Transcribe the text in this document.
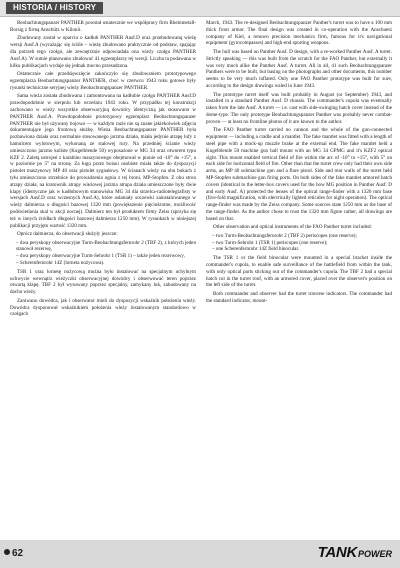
HISTORIA / HISTORY

Beobachtungspanzer PANTHER powstał ostatecznie we współpracy firm Rheinmetall-Borsig z firmą Anschütz w Kilonii.

Zbudowany został w oparciu o kadłub PANTHER Ausf.D oraz przebudowaną wieżę wersji Ausf.A (wyrażając się ściśle – wieżę zbudowano praktycznie od podstaw, spajając dla potrzeb tego czołgu, ale zewnętrznie odpowiadała ona wieży czołgu PANTHER Ausf.A). W sumie planowano zbudować 41 egzemplarzy tej wersji. Liczba ta podawana w kilku publikacjach wydaje się jednak mocno przesadzona.

Ostatecznie całe przedsięwzięcie zakończyło się zbudowaniem prototypowego egzemplarza Beobachtungspanzer PANTHER, choć w czerwcu 1943 roku gotowe były rysunki techniczne seryjnej wieży Beobachtungspanzer PANTHER.

Sama wieża została zbudowana i zamontowana na kadłubie czołgu PANTHER Ausf.D prawdopodobnie w sierpniu lub wrześniu 1943 roku. W przypadku tej konstrukcji zachowano w wieży wszystkie obserwacyjną dowódcy identyczną jak stosowano w PANTHER Ausf.A. Prawdopodobnie prototypowy egzemplarz Beobachtungspanzer PANTHER nie był używany bojowo — w każdym razie nie są znane jakiekolwiek zdjęcia dokumentujące jego frontową służbę. Wieża Beobachtungspanzer PANTHER była pozbawiona działa oraz normalnie stosowanego jarzma działa, miała jedynie atrapę lufy z hamulcem wylotowym, wykonaną ze stalowej rury. Na przedniej ścianie wieży umieszczono jarzmo kuliste (Kugelblende 50) wyposażone w MG 34 oraz otworem typu KZF 2. Zaletą ustrojeń z karabinu maszynowego obejmował w pionie od -10° do +15°, a w poziomie po 5° na stronę. Za ługu przez boisni osobiste miała także do dyspozycji pistolet maszynowy MP 40 oraz pistolet sygnałowy. W ścianach wieży na obu bokach z tyłu umieszczono strzelnice do prowadzenia ognia z tej broni, MP-Stopfen. Z obu stron atrapy działa, na kratownik atrapy wieżowej jarzma atrapa działa umieszczone były dwie klapy (identyczne jak w kadłubowym stanowisku MG 34 dla strzelca-radiotelegrafisty w wersjach Ausf.D oraz wczesnych Ausf.A), które osłaniały soczewki zainstalowanego w wieży dalmierza o długości bazowej 1320 mm (powiększenie pięciokrotne, możliwość podświetlania skal w akcji nocnej). Dalmierz ten był produktem firmy Zeiss (sprzyka się też w innych źródłach długości bazowej dalmierza 1250 mm). W rysunkach w niniejszej publikacji przyjęto wartość 1320 mm.

Oprócz dalmierza, do obserwacji służyły jeszcze:

– dwa peryskopy obserwacyjne Turm-Beobachtungsfernrohr 2 (TBF 2), z których jeden stanowił rezerwę,
– dwa peryskopy obserwacyjne Turm-Sehrohr 1 (TSR 1) – także jeden rezerwowy,
– Scherenfernrohr 14Z (lorneta nożycowa).

TSR 1 oraz lornetę nożycową można było instalować na specjalnym uchylnym uchwycie wewnątrz wieżyczki obserwacyjnej dowódcy i obserwować teren poprzez otwartą klapę. TBF 2 był wysuwany poprzez specjalny, zamykany luk, zabudowany na dachu wieży.

Zaniwano dowódca, jak i obserwator mieli do dyspozycji wskaźnik położenia wieży. Dowódca dysponował wskaźnikiem położenia wieży instalowanym standardowo w czołgach

March, 1943. The re-designed Beobachtungspanzer Panther's turret was to have a 100 mm thick front armor. The final design was created in co-operation with the Anschuetz company of Kiel, a renown precision mechanics firm, famous for it's navigational equipment (gyrocompasses) and high-end sporting weapons.

The hull was based on Panther Ausf. D design, with a re-worked Panther Ausf. A turret. Strictly speaking — this was built from the scratch for the FAO Panther, but externally it was very much alike the Panther Ausf. A turret. All in all, 41 such Beobachtungspanzer Panthers were to be built, but basing on the photographs and other documents, this number seems to be very much inflated. Only one FAO Panther prototype was built for sure, according to the design drawings waled in June 1943.

The prototype turret itself was built probably in August (or September) 1943, and installed in a standard Panther Ausf. D chassis. The commander's cupola was eventually taken from the late Ausf. A turret — i.e. cast with side-swinging hatch cover instead of the dome-type. The only prototype Beobachtungspanzer Panther was probably never combat-proven — at least no frontline photos of it are known to the author.

The FAO Panther turret carried no cannon and the whole of the gun-connected equipment — including a cradle and a mantlet. The fake mantlet was fitted with a length of steel pipe with a mock-up muzzle brake at the external end. The fake mantlet held a Kugelblende 50 machine gun ball mount with an MG 34 GPMG and it's KZF2 optical sight. This mount enabled vertical field of fire within the arc of -10° to +15°, with 5° on each side for horizontal field of fire. Other than that the turret crew only had their own side arms, an MP 40 submachine gun and a flare pistol. Side and rear walls of the turret held MP-Stopfen submachine gun firing ports. On both sides of the fake mantlet armored hatch covers (identical to the letter-box covers used for the bow MG position in Panther Ausf. D and early Ausf. A) protected the lenses of the optical range-finder with a 1320 mm base (five-fold magnification, with electrically lighted reticules for night operation). The optical range-finder was made by the Zeiss company. Some sources state 1250 mm as the base of the range-finder. As the author chose to trust the 1320 mm figure rather, all drawings are based on that.

Other observation and optical instruments of the FAO Panther turret included:

– two Turm-Beobachtungsfernrohr 2 (TBF 2) periscopes (one reserve);
– two Turm-Sehrohr 1 (TSR 1) periscopes (one reserve);
– one Scherenfernrohr 14Z field binocular.

The TSR 1 or the field binocular were mounted in a special bracket inside the commander's cupola, to enable safe surveillance of the battlefield from within the tank, with only optical parts sticking out of the commander's cupola. The TBF 2 had a special hatch cut in the turret roof, with an armored cover, placed over the observer's position on the left side of the turret.

Both commander and observer had the turret traverse indicators. The commander had the standard indicator, mount-

62	TANK POWER
